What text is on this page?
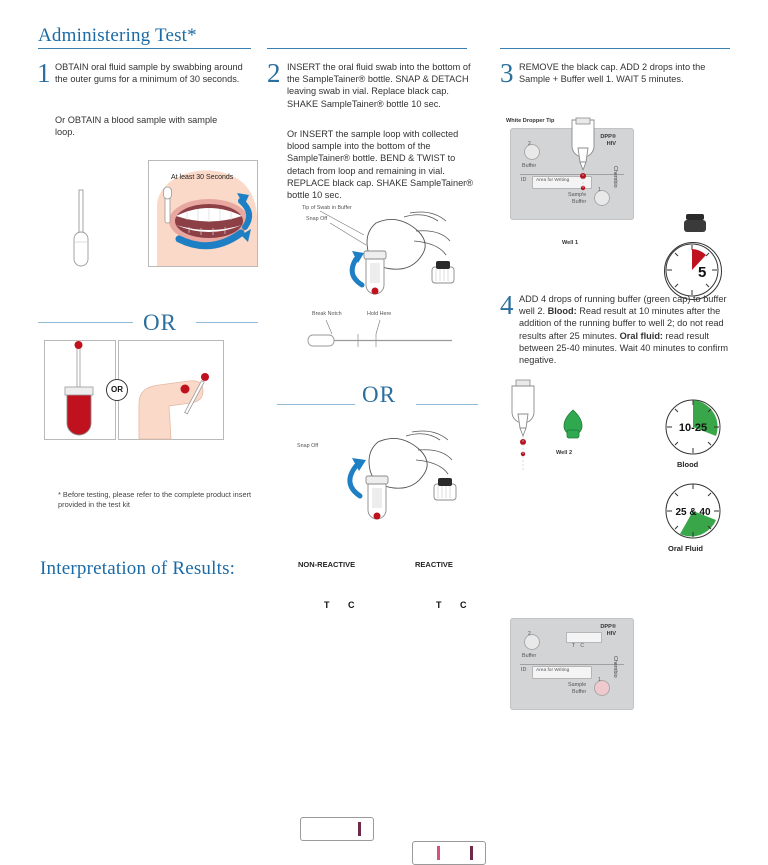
Administering Test*
1 OBTAIN oral fluid sample by swabbing around the outer gums for a minimum of 30 seconds.
Or OBTAIN a blood sample with sample loop.
At least 30 Seconds
OR
OR
* Before testing, please refer to the complete product insert provided in the test kit
2 INSERT the oral fluid swab into the bottom of the SampleTainer® bottle. SNAP & DETACH leaving swab in vial. Replace black cap. SHAKE SampleTainer® bottle 10 sec.
Or INSERT the sample loop with collected blood sample into the bottom of the SampleTainer® bottle. BEND & TWIST to detach from loop and remaining in vial. REPLACE black cap. SHAKE SampleTainer® bottle 10 sec.
Tip of Swab in Buffer
Snap Off
Break Notch	Hold Here
OR
Snap Off
3 REMOVE the black cap. ADD 2 drops into the Sample + Buffer well 1. WAIT 5 minutes.
White Dropper Tip
DPP®
HIV
2
Buffer
ID Area for Writing
Sample
Buffer
1
Chembio
Well 1
5
4 ADD 4 drops of running buffer (green cap) to buffer well 2. Blood: Read result at 10 minutes after the addition of the running buffer to well 2; do not read results after 25 minutes. Oral fluid: read result between 25-40 minutes. Wait 40 minutes to confirm negative.
Well 2
DPP®
HIV
2
T C
Buffer
ID Area for Writing
Sample
Buffer
1
Chembio
10-25
Blood
25 & 40
Oral Fluid
Interpretation of Results:	NON-REACTIVE
T C
REACTIVE
T C
